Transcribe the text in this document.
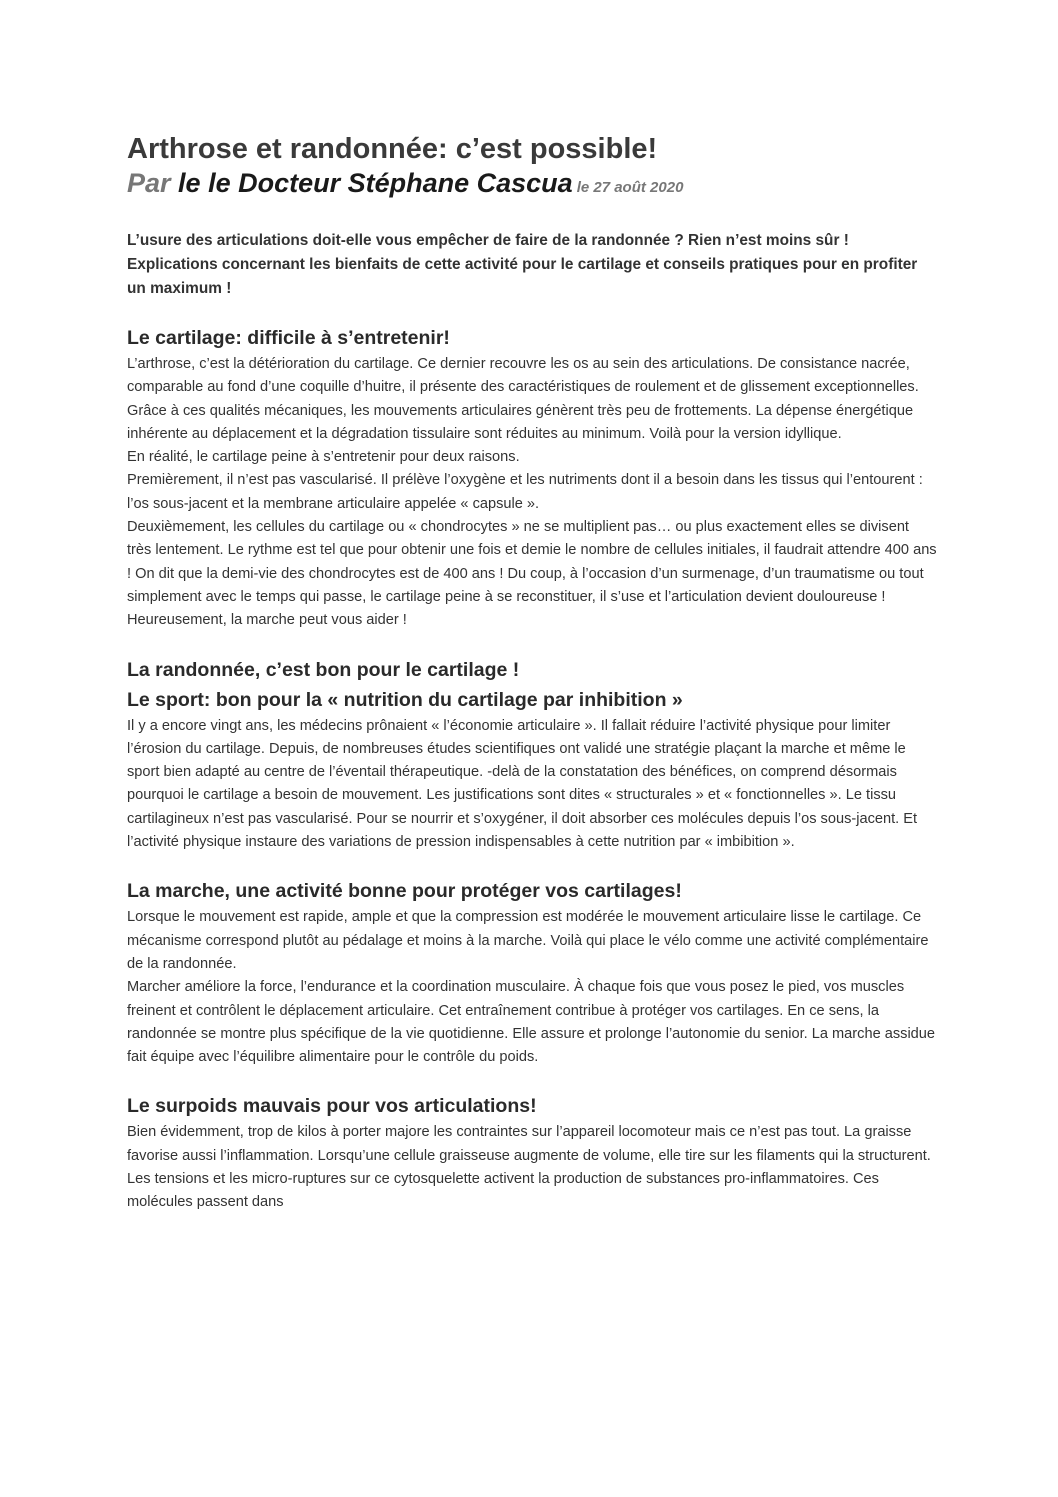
Arthrose et randonnée: c’est possible!

Par le le Docteur Stéphane Cascua le 27 août 2020

L’usure des articulations doit-elle vous empêcher de faire de la randonnée ? Rien n’est moins sûr ! Explications concernant les bienfaits de cette activité pour le cartilage et conseils pratiques pour en profiter un maximum !

Le cartilage: difficile à s’entretenir!

L’arthrose, c’est la détérioration du cartilage. Ce dernier recouvre les os au sein des articulations. De consistance nacrée, comparable au fond d’une coquille d’huitre, il présente des caractéristiques de roulement et de glissement exceptionnelles. Grâce à ces qualités mécaniques, les mouvements articulaires génèrent très peu de frottements. La dépense énergétique inhérente au déplacement et la dégradation tissulaire sont réduites au minimum. Voilà pour la version idyllique.

En réalité, le cartilage peine à s’entretenir pour deux raisons.

Premièrement, il n’est pas vascularisé. Il prélève l’oxygène et les nutriments dont il a besoin dans les tissus qui l’entourent : l’os sous-jacent et la membrane articulaire appelée « capsule ».

Deuxièmement, les cellules du cartilage ou « chondrocytes » ne se multiplient pas… ou plus exactement elles se divisent très lentement. Le rythme est tel que pour obtenir une fois et demie le nombre de cellules initiales, il faudrait attendre 400 ans ! On dit que la demi-vie des chondrocytes est de 400 ans ! Du coup, à l’occasion d’un surmenage, d’un traumatisme ou tout simplement avec le temps qui passe, le cartilage peine à se reconstituer, il s’use et l’articulation devient douloureuse !

Heureusement, la marche peut vous aider !

La randonnée, c’est bon pour le cartilage !
Le sport: bon pour la « nutrition du cartilage par inhibition »

Il y a encore vingt ans, les médecins prônaient « l’économie articulaire ». Il fallait réduire l’activité physique pour limiter l’érosion du cartilage. Depuis, de nombreuses études scientifiques ont validé une stratégie plaçant la marche et même le sport bien adapté au centre de l’éventail thérapeutique. -delà de la constatation des bénéfices, on comprend désormais pourquoi le cartilage a besoin de mouvement. Les justifications sont dites « structurales » et « fonctionnelles ». Le tissu cartilagineux n’est pas vascularisé. Pour se nourrir et s’oxygéner, il doit absorber ces molécules depuis l’os sous-jacent. Et l’activité physique instaure des variations de pression indispensables à cette nutrition par « imbibition ».

La marche, une activité bonne pour protéger vos cartilages!

Lorsque le mouvement est rapide, ample et que la compression est modérée le mouvement articulaire lisse le cartilage. Ce mécanisme correspond plutôt au pédalage et moins à la marche. Voilà qui place le vélo comme une activité complémentaire de la randonnée.

Marcher améliore la force, l’endurance et la coordination musculaire. À chaque fois que vous posez le pied, vos muscles freinent et contrôlent le déplacement articulaire. Cet entraînement contribue à protéger vos cartilages. En ce sens, la randonnée se montre plus spécifique de la vie quotidienne. Elle assure et prolonge l’autonomie du senior. La marche assidue fait équipe avec l’équilibre alimentaire pour le contrôle du poids.

Le surpoids mauvais pour vos articulations!

Bien évidemment, trop de kilos à porter majore les contraintes sur l’appareil locomoteur mais ce n’est pas tout. La graisse favorise aussi l’inflammation. Lorsqu’une cellule graisseuse augmente de volume, elle tire sur les filaments qui la structurent. Les tensions et les micro-ruptures sur ce cytosquelette activent la production de substances pro-inflammatoires. Ces molécules passent dans
